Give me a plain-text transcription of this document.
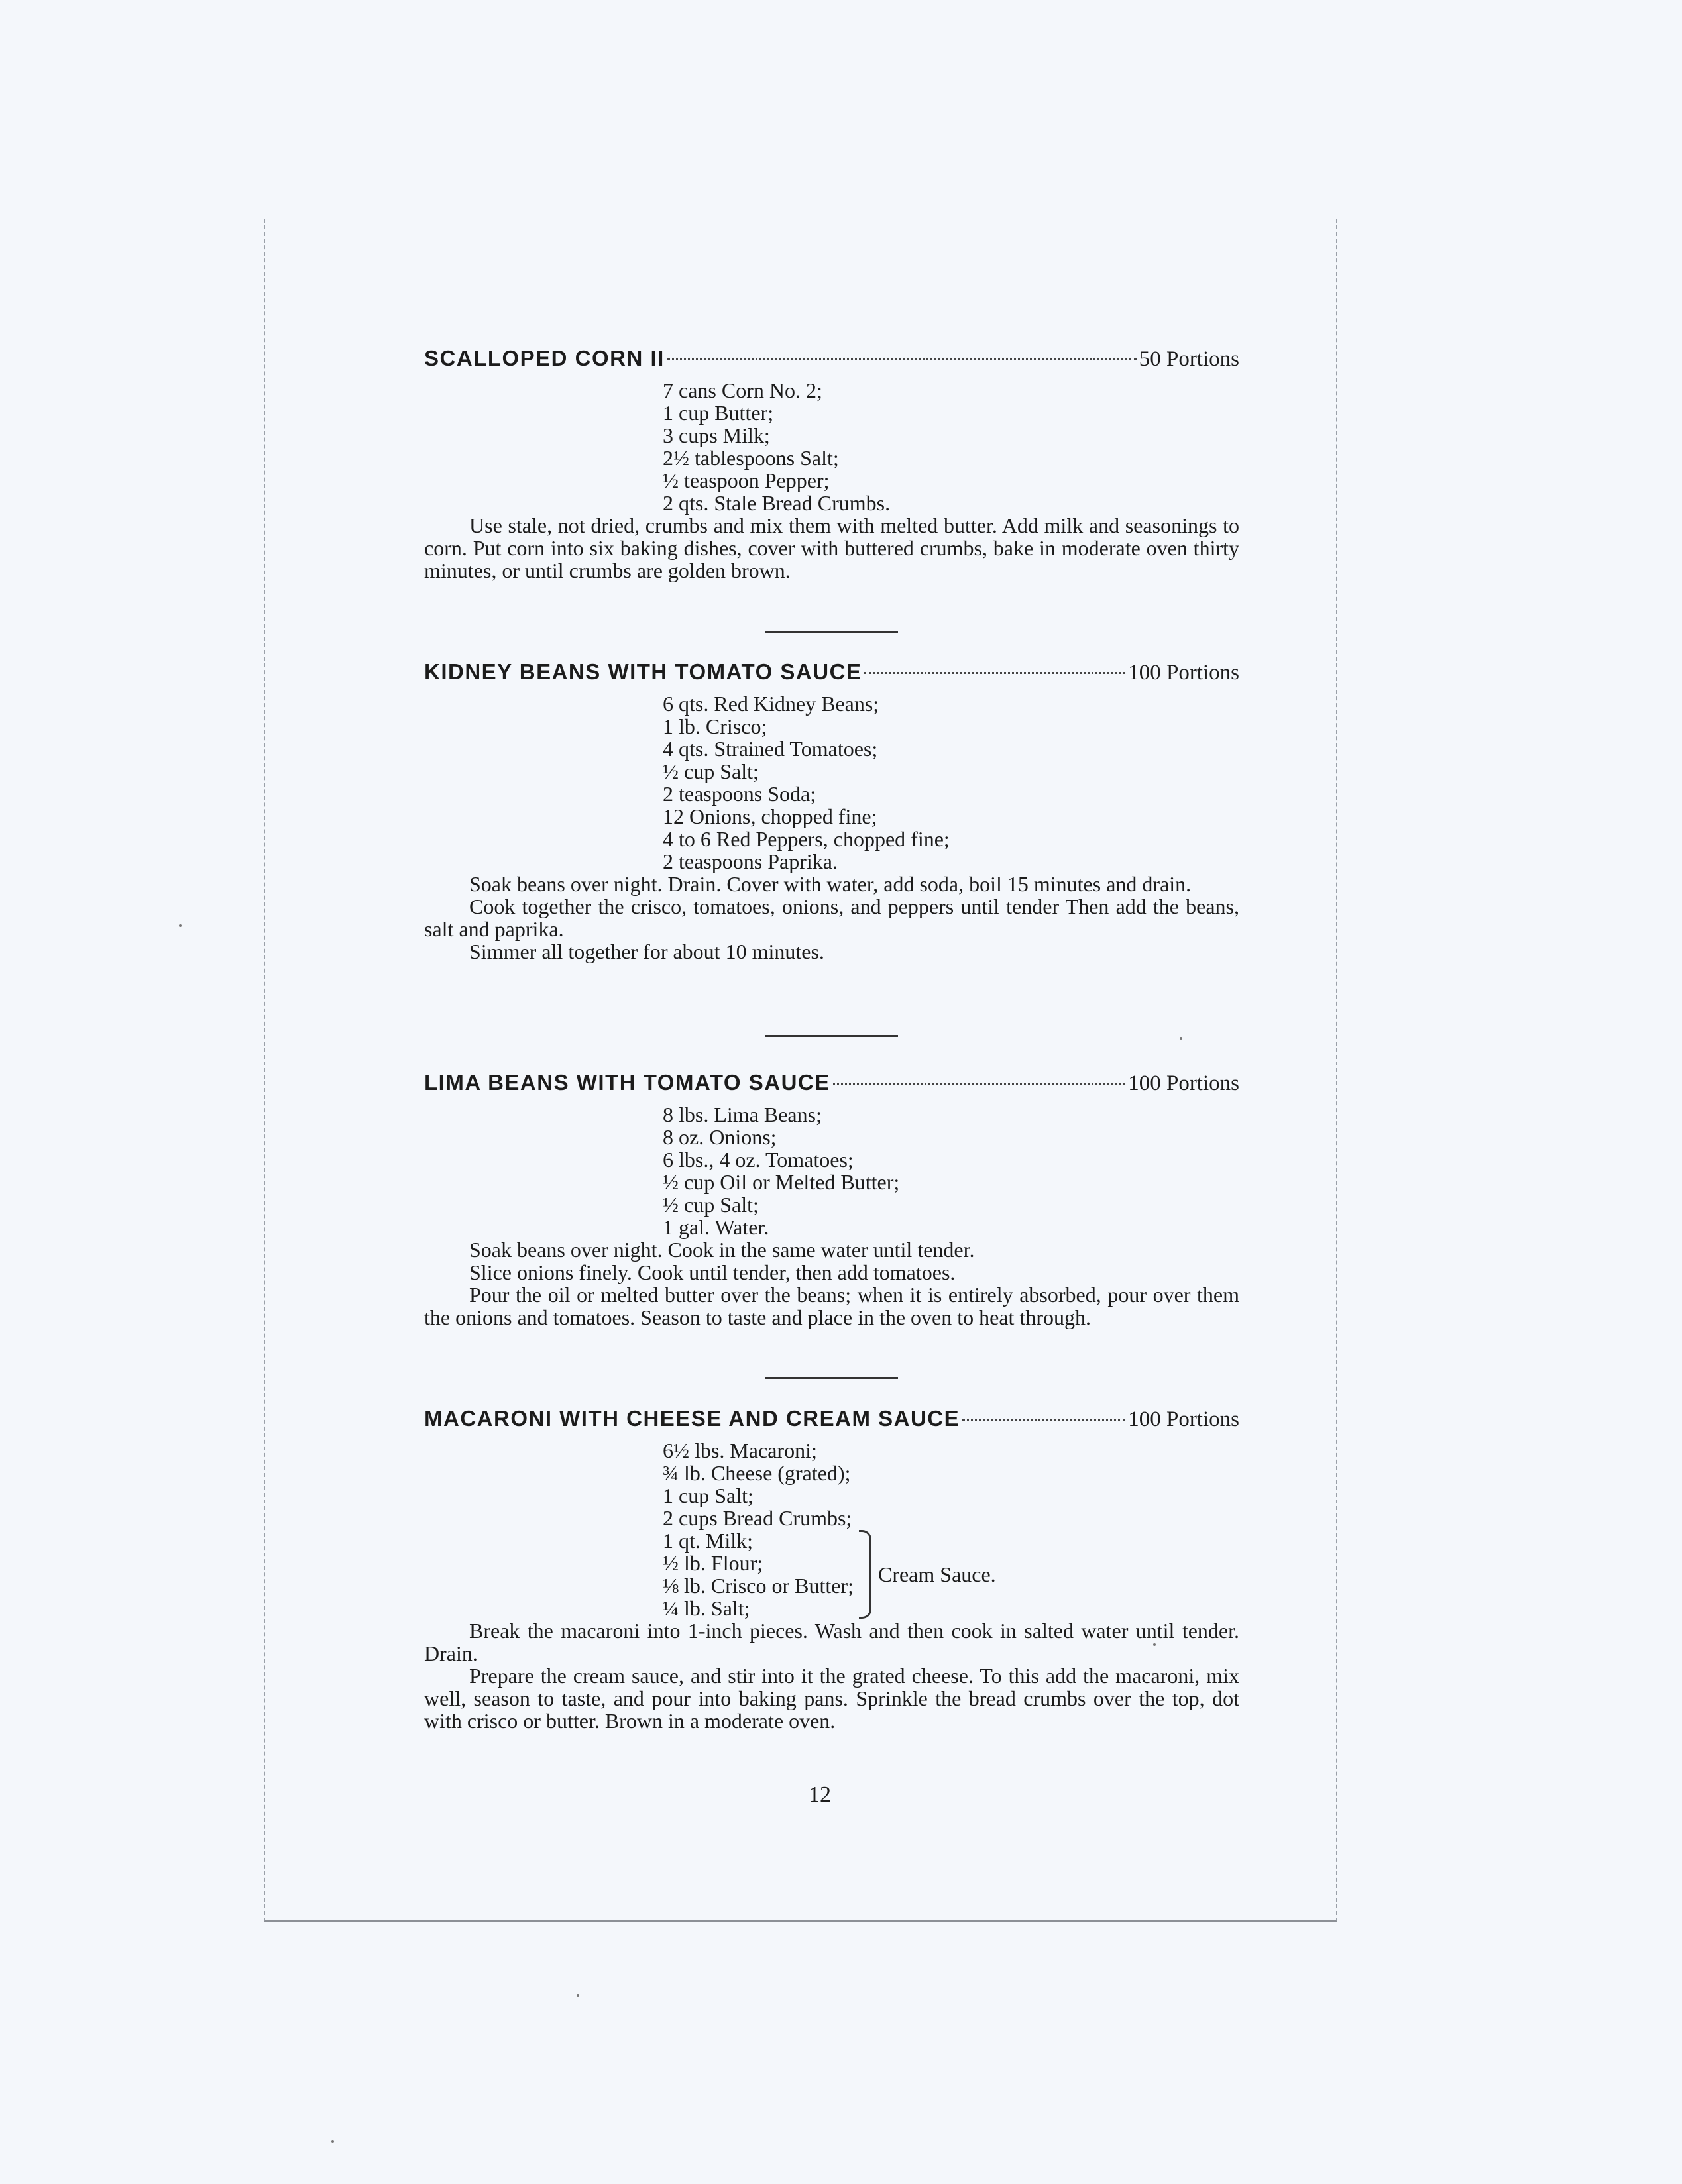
SCALLOPED CORN II	50 Portions
7 cans Corn No. 2;
1 cup Butter;
3 cups Milk;
2½ tablespoons Salt;
½ teaspoon Pepper;
2 qts. Stale Bread Crumbs.

Use stale, not dried, crumbs and mix them with melted butter. Add milk and seasonings to corn. Put corn into six baking dishes, cover with buttered crumbs, bake in moderate oven thirty minutes, or until crumbs are golden brown.

KIDNEY BEANS WITH TOMATO SAUCE	100 Portions
6 qts. Red Kidney Beans;
1 lb. Crisco;
4 qts. Strained Tomatoes;
½ cup Salt;
2 teaspoons Soda;
12 Onions, chopped fine;
4 to 6 Red Peppers, chopped fine;
2 teaspoons Paprika.

Soak beans over night. Drain. Cover with water, add soda, boil 15 minutes and drain.

Cook together the crisco, tomatoes, onions, and peppers until tender Then add the beans, salt and paprika.

Simmer all together for about 10 minutes.

LIMA BEANS WITH TOMATO SAUCE	100 Portions
8 lbs. Lima Beans;
8 oz. Onions;
6 lbs., 4 oz. Tomatoes;
½ cup Oil or Melted Butter;
½ cup Salt;
1 gal. Water.

Soak beans over night. Cook in the same water until tender.

Slice onions finely. Cook until tender, then add tomatoes.

Pour the oil or melted butter over the beans; when it is entirely absorbed, pour over them the onions and tomatoes. Season to taste and place in the oven to heat through.

MACARONI WITH CHEESE AND CREAM SAUCE	100 Portions
6½ lbs. Macaroni;
¾ lb. Cheese (grated);
1 cup Salt;
2 cups Bread Crumbs;
1 qt. Milk;
½ lb. Flour;
⅛ lb. Crisco or Butter;
¼ lb. Salt;
Cream Sauce.

Break the macaroni into 1-inch pieces. Wash and then cook in salted water until tender. Drain.

Prepare the cream sauce, and stir into it the grated cheese. To this add the macaroni, mix well, season to taste, and pour into baking pans. Sprinkle the bread crumbs over the top, dot with crisco or butter. Brown in a moderate oven.

12
